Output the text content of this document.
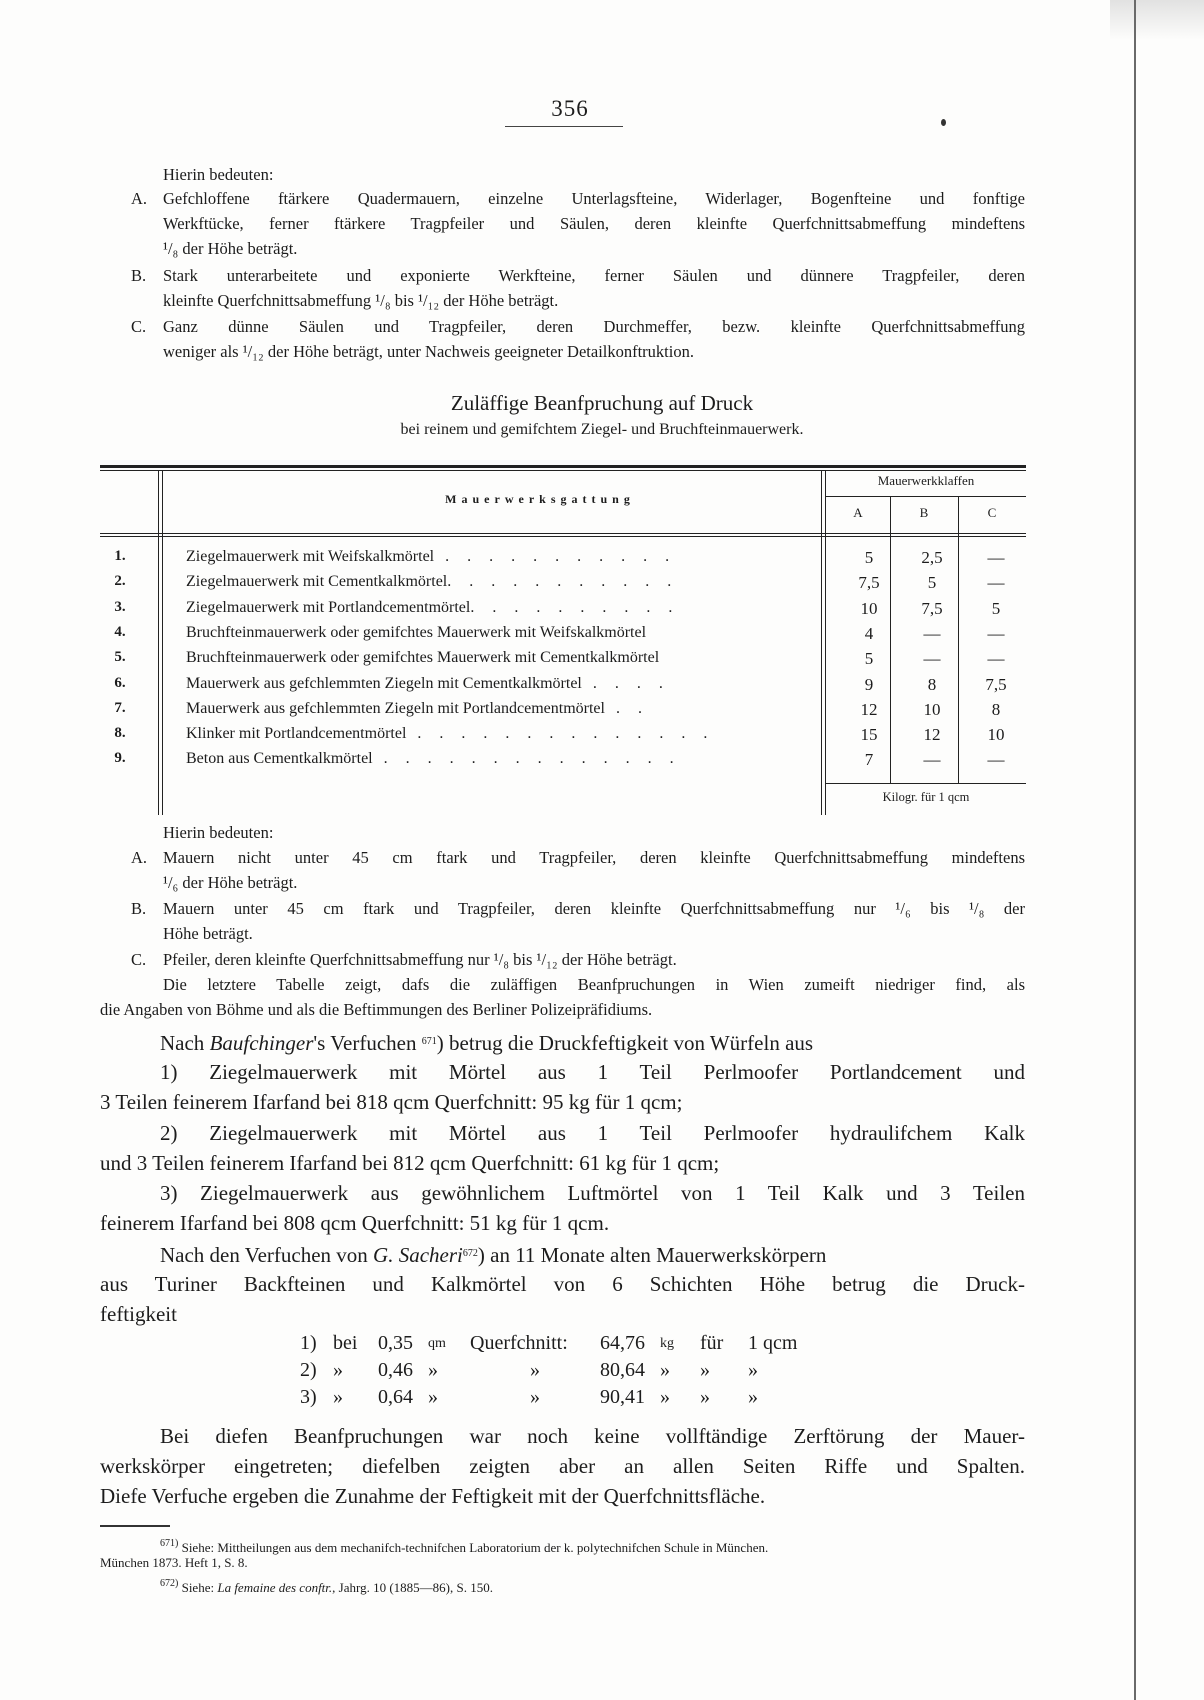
356
Hierin bedeuten:
A. Gefchloffene ftärkere Quadermauern, einzelne Unterlagsfteine, Widerlager, Bogenfteine und fonftige
Werkftücke, ferner ftärkere Tragpfeiler und Säulen, deren kleinfte Querfchnittsabmeffung mindeftens
¹/₈ der Höhe beträgt.
B. Stark unterarbeitete und exponierte Werkfteine, ferner Säulen und dünnere Tragpfeiler, deren
kleinfte Querfchnittsabmeffung ¹/₈ bis ¹/₁₂ der Höhe beträgt.
C. Ganz dünne Säulen und Tragpfeiler, deren Durchmeffer, bezw. kleinfte Querfchnittsabmeffung
weniger als ¹/₁₂ der Höhe beträgt, unter Nachweis geeigneter Detailkonftruktion.
Zuläffige Beanfpruchung auf Druck
bei reinem und gemifchtem Ziegel- und Bruchfteinmauerwerk.
Mauerwerksgattung
Mauerwerkklaffen
A	B	C
1.	Ziegelmauerwerk mit Weifskalkmörtel . . . . . . . . . . .	5	2,5	—
2.	Ziegelmauerwerk mit Cementkalkmörtel. . . . . . . . . . .	7,5	5	—
3.	Ziegelmauerwerk mit Portlandcementmörtel. . . . . . . . . .	10	7,5	5
4.	Bruchfteinmauerwerk oder gemifchtes Mauerwerk mit Weifskalkmörtel	4	—	—
5.	Bruchfteinmauerwerk oder gemifchtes Mauerwerk mit Cementkalkmörtel	5	—	—
6.	Mauerwerk aus gefchlemmten Ziegeln mit Cementkalkmörtel . . . .	9	8	7,5
7.	Mauerwerk aus gefchlemmten Ziegeln mit Portlandcementmörtel . .	12	10	8
8.	Klinker mit Portlandcementmörtel . . . . . . . . . . . . . .	15	12	10
9.	Beton aus Cementkalkmörtel . . . . . . . . . . . . . .	7	—	—
Kilogr. für 1 qcm
Hierin bedeuten:
A. Mauern nicht unter 45 cm ftark und Tragpfeiler, deren kleinfte Querfchnittsabmeffung mindeftens
¹/₆ der Höhe beträgt.
B. Mauern unter 45 cm ftark und Tragpfeiler, deren kleinfte Querfchnittsabmeffung nur ¹/₆ bis ¹/₈ der
Höhe beträgt.
C. Pfeiler, deren kleinfte Querfchnittsabmeffung nur ¹/₈ bis ¹/₁₂ der Höhe beträgt.
Die letztere Tabelle zeigt, dafs die zuläffigen Beanfpruchungen in Wien zumeift niedriger find, als
die Angaben von Böhme und als die Beftimmungen des Berliner Polizeipräfidiums.
Nach Baufchinger's Verfuchen $^{671}$) betrug die Druckfeftigkeit von Würfeln aus
1) Ziegelmauerwerk mit Mörtel aus 1 Teil Perlmoofer Portlandcement und
3 Teilen feinerem Ifarfand bei 818 qcm Querfchnitt: 95 kg für 1 qcm;
2) Ziegelmauerwerk mit Mörtel aus 1 Teil Perlmoofer hydraulifchem Kalk
und 3 Teilen feinerem Ifarfand bei 812 qcm Querfchnitt: 61 kg für 1 qcm;
3) Ziegelmauerwerk aus gewöhnlichem Luftmörtel von 1 Teil Kalk und 3 Teilen
feinerem Ifarfand bei 808 qcm Querfchnitt: 51 kg für 1 qcm.
Nach den Verfuchen von G. Sacheri$^{672}$) an 11 Monate alten Mauerwerkskörpern
aus Turiner Backfteinen und Kalkmörtel von 6 Schichten Höhe betrug die Druck-
feftigkeit
1) bei 0,35 qm Querfchnitt: 64,76 kg für 1 qcm
2) » 0,46 »	»	80,64 » » »
3) » 0,64 »	»	90,41 » » »
Bei diefen Beanfpruchungen war noch keine vollftändige Zerftörung der Mauer-
werkskörper eingetreten; diefelben zeigten aber an allen Seiten Riffe und Spalten.
Diefe Verfuche ergeben die Zunahme der Feftigkeit mit der Querfchnittsfläche.
$^{671)}$ Siehe: Mittheilungen aus dem mechanifch-technifchen Laboratorium der k. polytechnifchen Schule in München.
München 1873. Heft 1, S. 8.
$^{672)}$ Siehe: La femaine des conftr., Jahrg. 10 (1885—86), S. 150.
